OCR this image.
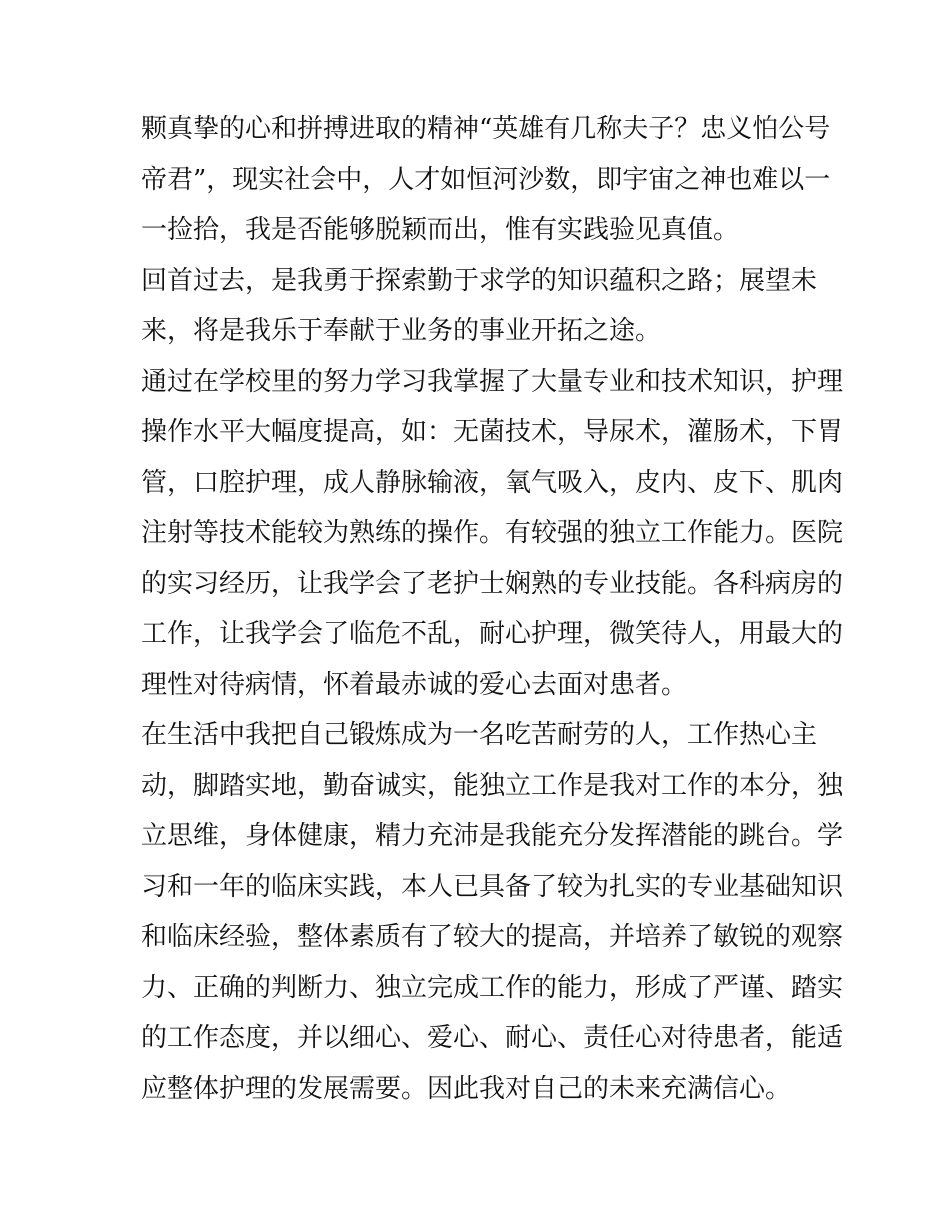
颗真挚的心和拼搏进取的精神“英雄有几称夫子？忠义怕公号
帝君”，现实社会中，人才如恒河沙数，即宇宙之神也难以一
一捡拾，我是否能够脱颖而出，惟有实践验见真值。
回首过去，是我勇于探索勤于求学的知识蕴积之路；展望未
来，将是我乐于奉献于业务的事业开拓之途。
通过在学校里的努力学习我掌握了大量专业和技术知识，护理
操作水平大幅度提高，如：无菌技术，导尿术，灌肠术，下胃
管，口腔护理，成人静脉输液，氧气吸入，皮内、皮下、肌肉
注射等技术能较为熟练的操作。有较强的独立工作能力。医院
的实习经历，让我学会了老护士娴熟的专业技能。各科病房的
工作，让我学会了临危不乱，耐心护理，微笑待人，用最大的
理性对待病情，怀着最赤诚的爱心去面对患者。
在生活中我把自己锻炼成为一名吃苦耐劳的人，工作热心主
动，脚踏实地，勤奋诚实，能独立工作是我对工作的本分，独
立思维，身体健康，精力充沛是我能充分发挥潜能的跳台。学
习和一年的临床实践，本人已具备了较为扎实的专业基础知识
和临床经验，整体素质有了较大的提高，并培养了敏锐的观察
力、正确的判断力、独立完成工作的能力，形成了严谨、踏实
的工作态度，并以细心、爱心、耐心、责任心对待患者，能适
应整体护理的发展需要。因此我对自己的未来充满信心。
